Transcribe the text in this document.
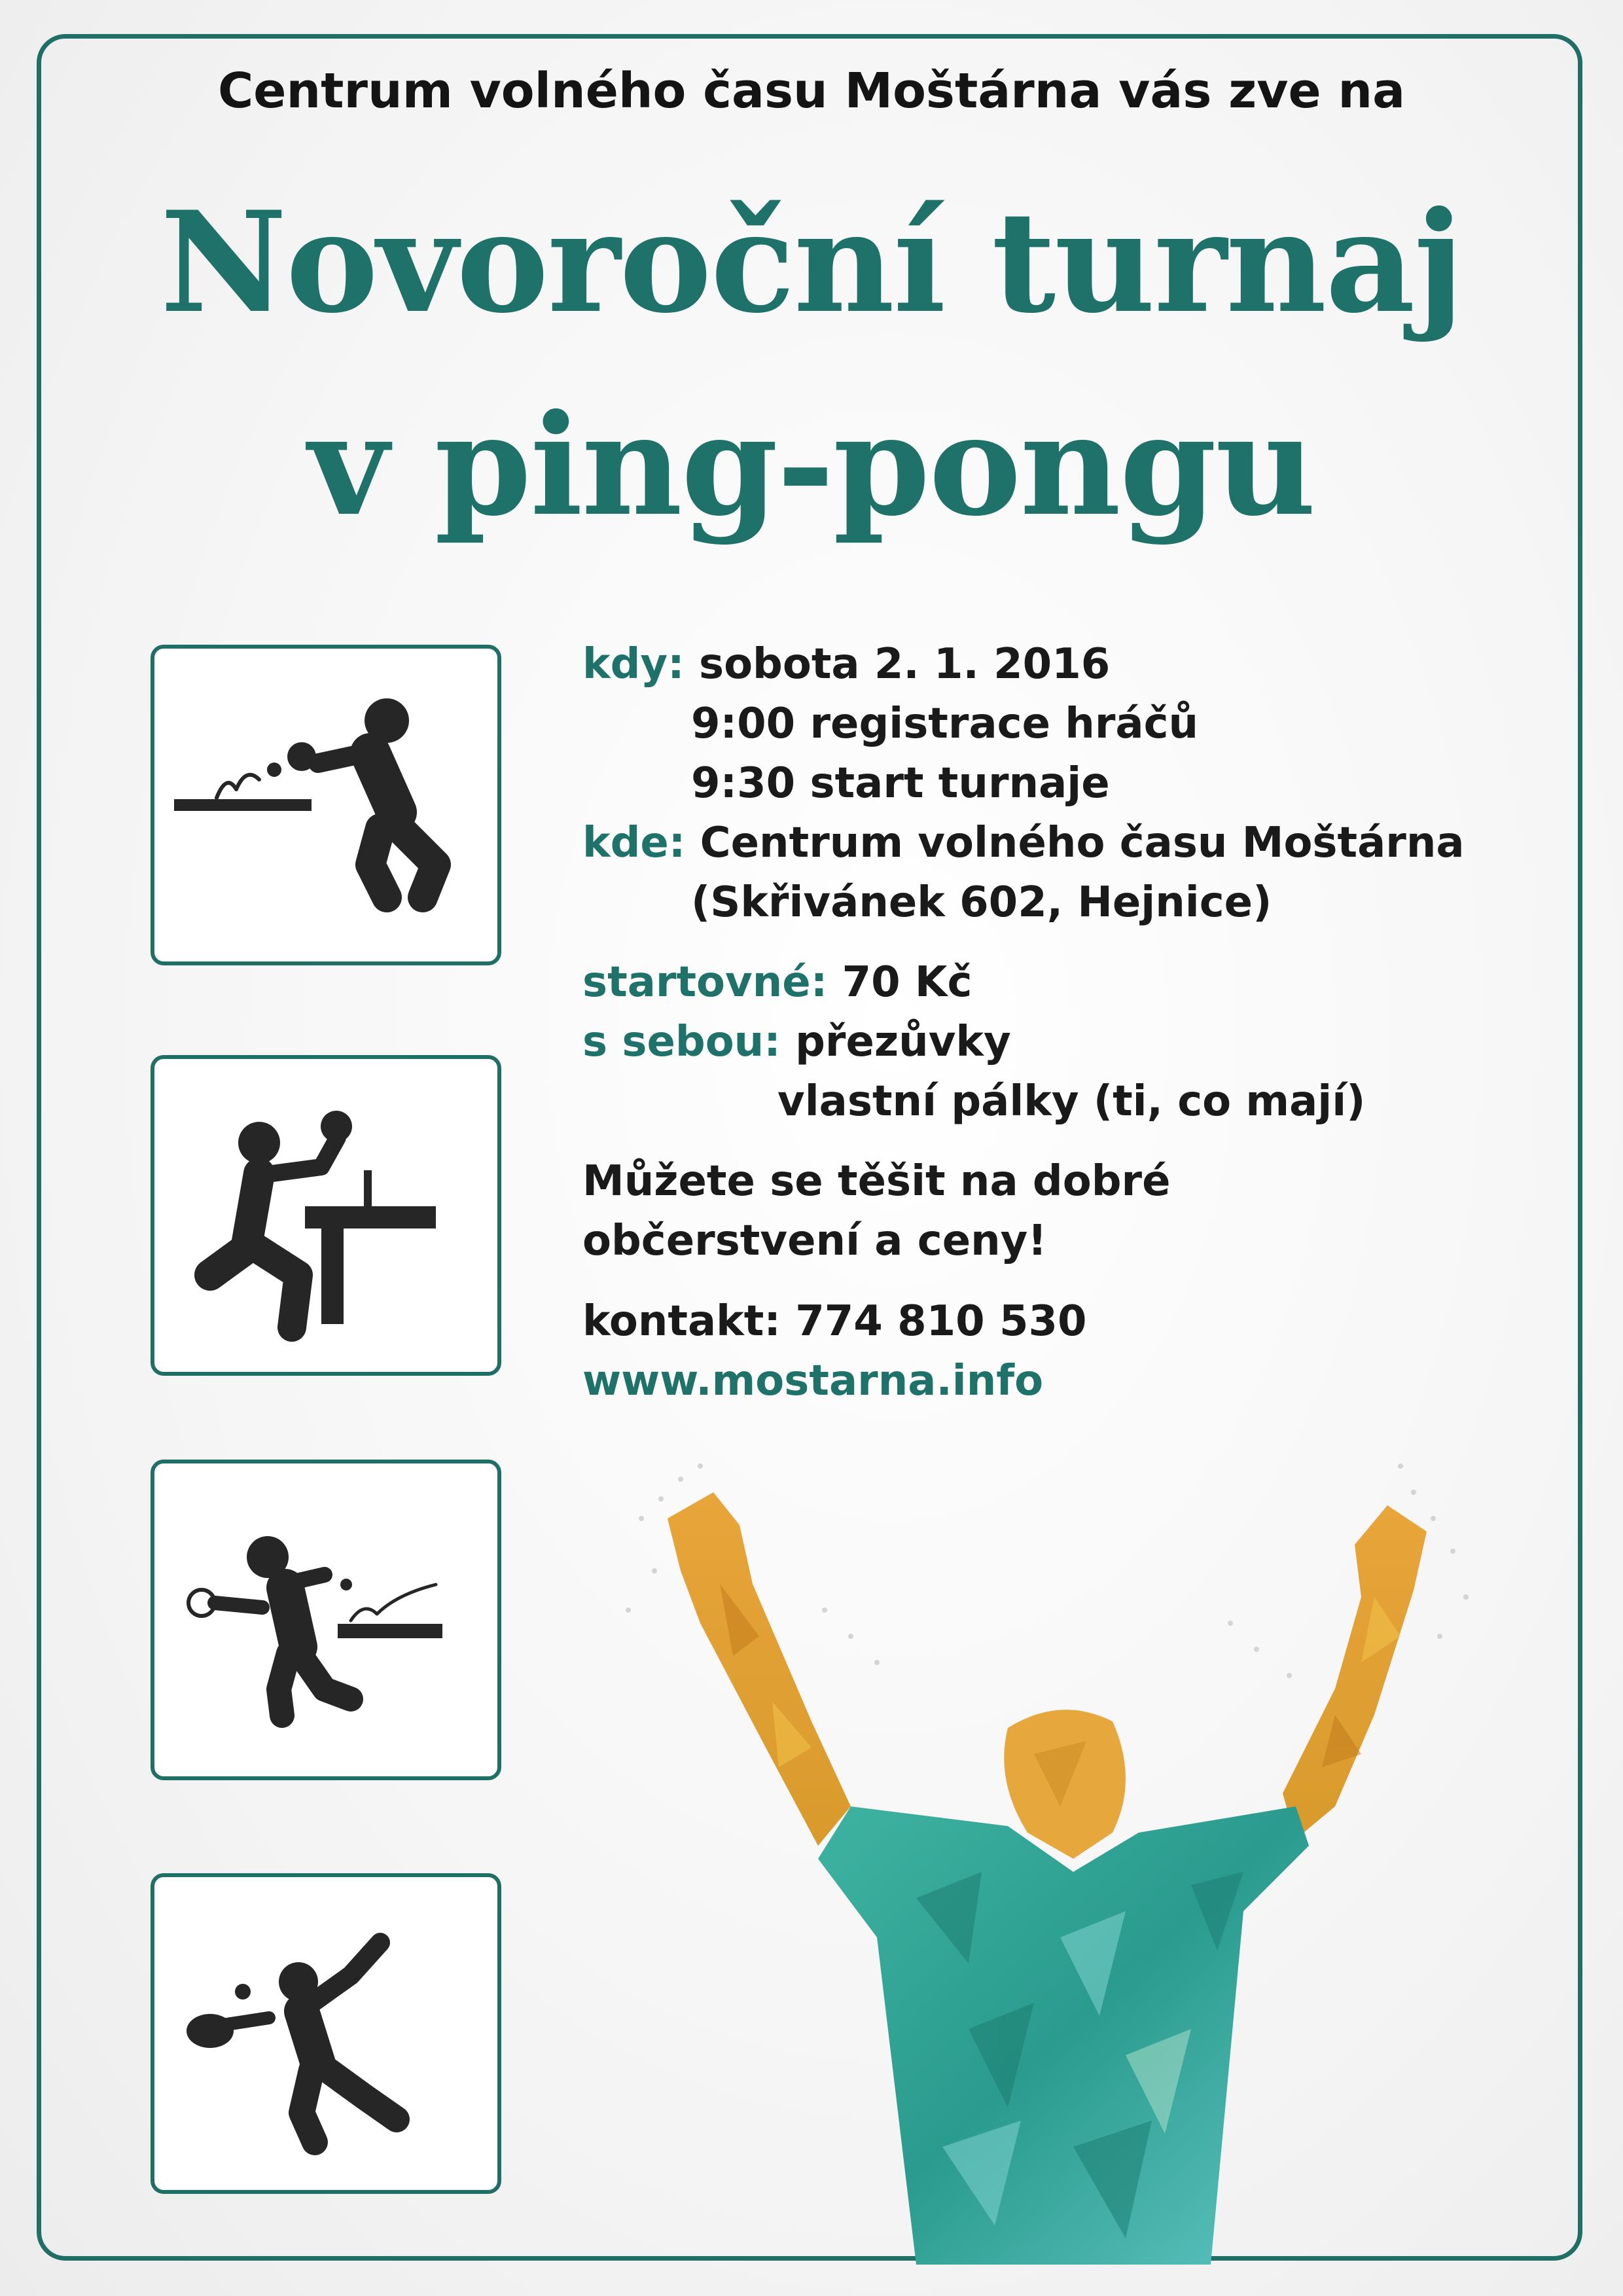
Centrum volného času Moštárna vás zve na
Novoroční turnaj
v ping-pongu
kdy: sobota 2. 1. 2016
9:00 registrace hráčů
9:30 start turnaje
kde: Centrum volného času Moštárna
(Skřivánek 602, Hejnice)
startovné: 70 Kč
s sebou: přezůvky
vlastní pálky (ti, co mají)
Můžete se těšit na dobré
občerstvení a ceny!
kontakt: 774 810 530
www.mostarna.info
